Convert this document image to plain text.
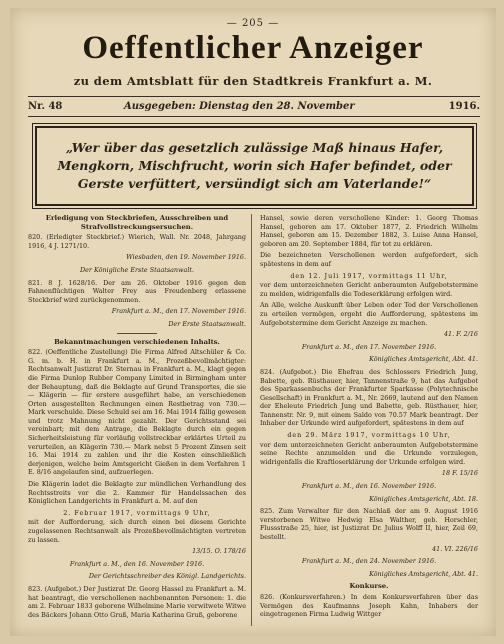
— 205 —
Oeffentlicher Anzeiger
zu dem Amtsblatt für den Stadtkreis Frankfurt a. M.
Nr. 48	Ausgegeben: Dienstag den 28. November	1916.

„Wer über das gesetzlich zulässige Maß hinaus Hafer,
Mengkorn, Mischfrucht, worin sich Hafer befindet, oder
Gerste verfüttert, versündigt sich am Vaterlande!“

Erledigung von Steckbriefen, Ausschreiben und Strafvollstreckungsersuchen.
820. (Erledigter Steckbrief.) Wierich, Wall. Nr. 2048, Jahrgang 1916, 4 J. 1271/10.
Wiesbaden, den 19. November 1916.
Der Königliche Erste Staatsanwalt.
821. 8 J. 1628/16. Der am 26. Oktober 1916 gegen den Fahnenflüchtigen Walter Frey aus Freudenberg erlassene Steckbrief wird zurückgenommen.
Frankfurt a. M., den 17. November 1916.
Der Erste Staatsanwalt.
Bekanntmachungen verschiedenen Inhalts.
822. (Oeffentliche Zustellung) Die Firma Alfred Altschüler & Co. G. m. b. H. in Frankfurt a. M., Prozeßbevollmächtigter: Rechtsanwalt Justizrat Dr. Sternau in Frankfurt a. M., klagt gegen die Firma Dunlop Rubber Company Limited in Birmingham unter der Behauptung, daß die Beklagte auf Grund Transportes, die sie — Klägerin — für erstere ausgeführt habe, an verschiedenen Orten ausgestellten Rechnungen einen Restbetrag von 730.— Mark verschulde. Diese Schuld sei am 16. Mai 1914 fällig gewesen und trotz Mahnung nicht gezahlt. Der Gerichtsstand sei vereinbart; mit dem Antrage, die Beklagte durch ein gegen Sicherheitsleistung für vorläufig vollstreckbar erklärtes Urteil zu verurteilen, an Klägerin 730.— Mark nebst 5 Prozent Zinsen seit 16. Mai 1914 zu zahlen und ihr die Kosten einschließlich derjenigen, welche beim Amtsgericht Gießen in dem Verfahren 1 E. 8/16 angelaufen sind, aufzuerlegen.
Die Klägerin ladet die Beklagte zur mündlichen Verhandlung des Rechtsstreits vor die 2. Kammer für Handelssachen des Königlichen Landgerichts in Frankfurt a. M. auf den
2. Februar 1917, vormittags 9 Uhr,
mit der Aufforderung, sich durch einen bei diesem Gerichte zugelassenen Rechtsanwalt als Prozeßbevollmächtigten vertreten zu lassen.
13/15. O. 178/16
Frankfurt a. M., den 16. November 1916.
Der Gerichtsschreiber des Königl. Landgerichts.
823. (Aufgebot.) Der Justizrat Dr. Georg Hassel zu Frankfurt a. M. hat beantragt, die verschollenen nachbenannten Personen: 1. die am 2. Februar 1833 geborene Wilhelmine Marie verwitwete Witwe des Bäckers Johann Otto Gruß, Maria Katharina Gruß, geborene
Hansel, sowie deren verschollene Kinder: 1. Georg Thomas Hansel, geboren am 17. Oktober 1877, 2. Friedrich Wilhelm Hansel, geboren am 15. Dezember 1882, 3. Luise Anna Hansel, geboren am 20. September 1884, für tot zu erklären.
Die bezeichneten Verschollenen werden aufgefordert, sich spätestens in dem auf
den 12. Juli 1917, vormittags 11 Uhr,
vor dem unterzeichneten Gericht anberaumten Aufgebotstermine zu melden, widrigenfalls die Todeserklärung erfolgen wird.
An Alle, welche Auskunft über Leben oder Tod der Verschollenen zu erteilen vermögen, ergeht die Aufforderung, spätestens im Aufgebotstermine dem Gericht Anzeige zu machen.
41. F. 2/16
Frankfurt a. M., den 17. November 1916.
Königliches Amtsgericht, Abt. 41.
824. (Aufgebot.) Die Ehefrau des Schlossers Friedrich Jung, Babette, geb. Rüsthauer, hier, Tannenstraße 9, hat das Aufgebot des Sparkassenbuchs der Frankfurter Sparkasse (Polytechnische Gesellschaft) in Frankfurt a. M., Nr. 2669, lautend auf den Namen der Eheleute Friedrich Jung und Babette, geb. Rüsthauer, hier, Tannenstr. Nr. 9, mit einem Saldo von 70.57 Mark beantragt. Der Inhaber der Urkunde wird aufgefordert, spätestens in dem auf
den 29. März 1917, vormittags 10 Uhr,
vor dem unterzeichneten Gericht anberaumten Aufgebotstermine seine Rechte anzumelden und die Urkunde vorzulegen, widrigenfalls die Kraftloserklärung der Urkunde erfolgen wird.
18 F. 15/16
Frankfurt a. M., den 16. November 1916.
Königliches Amtsgericht, Abt. 18.
825. Zum Verwalter für den Nachlaß der am 9. August 1916 verstorbenen Witwe Hedwig Elsa Walther, geb. Horschler, Flussstraße 25, hier, ist Justizrat Dr. Julius Wolff II, hier, Zeil 69, bestellt.
41. VI. 226/16
Frankfurt a. M., den 24. November 1916.
Königliches Amtsgericht, Abt. 41.
Konkurse.
826. (Konkursverfahren.) In dem Konkursverfahren über das Vermögen des Kaufmanns Joseph Kahn, Inhabers der eingetragenen Firma Ludwig Wittger
